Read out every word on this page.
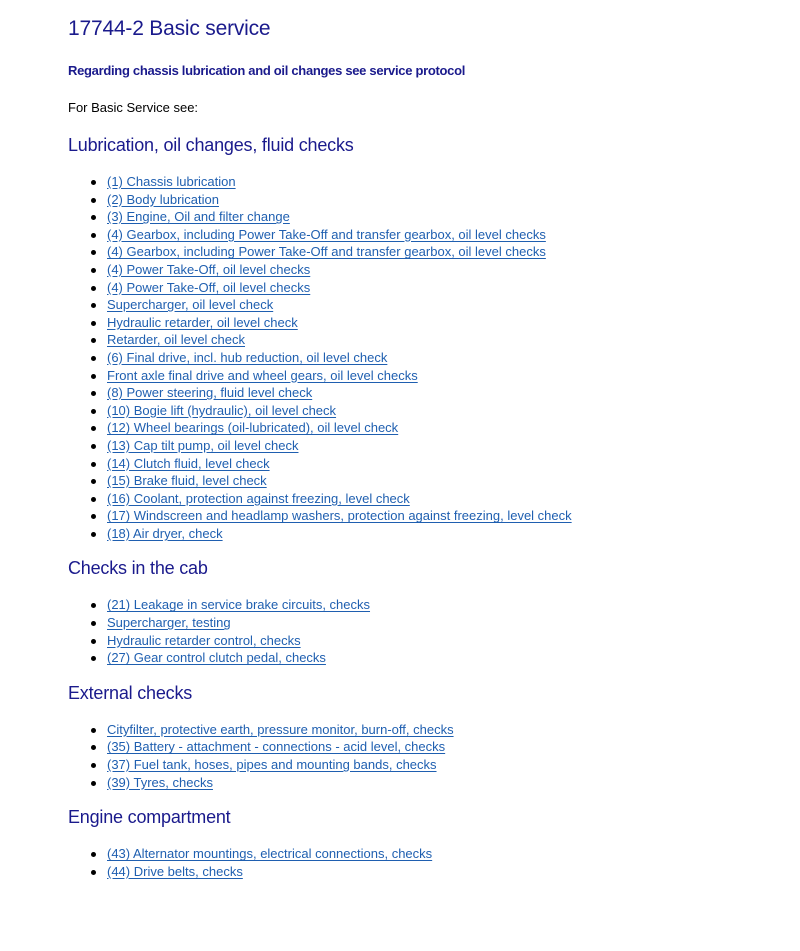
17744-2 Basic service

Regarding chassis lubrication and oil changes see service protocol

For Basic Service see:

Lubrication, oil changes, fluid checks
(1) Chassis lubrication
(2) Body lubrication
(3) Engine, Oil and filter change
(4) Gearbox, including Power Take-Off and transfer gearbox, oil level checks
(4) Gearbox, including Power Take-Off and transfer gearbox, oil level checks
(4) Power Take-Off, oil level checks
(4) Power Take-Off, oil level checks
Supercharger, oil level check
Hydraulic retarder, oil level check
Retarder, oil level check
(6) Final drive, incl. hub reduction, oil level check
Front axle final drive and wheel gears, oil level checks
(8) Power steering, fluid level check
(10) Bogie lift (hydraulic), oil level check
(12) Wheel bearings (oil-lubricated), oil level check
(13) Cap tilt pump, oil level check
(14) Clutch fluid, level check
(15) Brake fluid, level check
(16) Coolant, protection against freezing, level check
(17) Windscreen and headlamp washers, protection against freezing, level check
(18) Air dryer, check
Checks in the cab
(21) Leakage in service brake circuits, checks
Supercharger, testing
Hydraulic retarder control, checks
(27) Gear control clutch pedal, checks
External checks
Cityfilter, protective earth, pressure monitor, burn-off, checks
(35) Battery - attachment - connections - acid level, checks
(37) Fuel tank, hoses, pipes and mounting bands, checks
(39) Tyres, checks
Engine compartment
(43) Alternator mountings, electrical connections, checks
(44) Drive belts, checks
